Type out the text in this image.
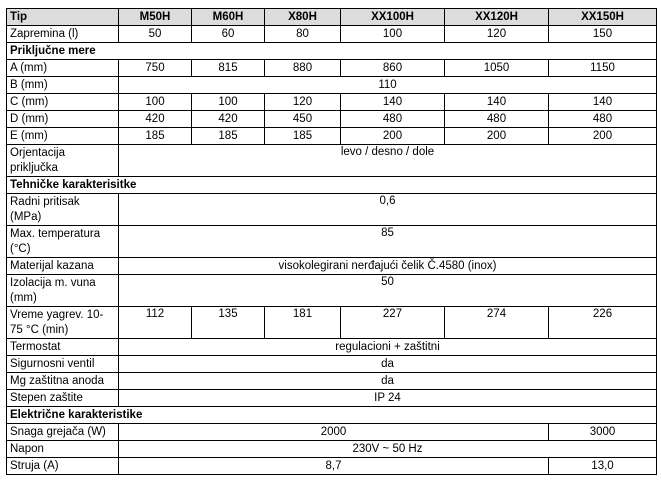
Tip	M50H	M60H	X80H	XX100H	XX120H	XX150H
Zapremina (l)	50	60	80	100	120	150
Priključne mere						
A (mm)	750	815	880	860	1050	1150
B (mm)	110					
C (mm)	100	100	120	140	140	140
D (mm)	420	420	450	480	480	480
E (mm)	185	185	185	200	200	200
Orjentacija
priključka	levo / desno / dole					
Tehničke karakterisitke						
Radni pritisak
(MPa)	0,6					
Max. temperatura
(°C)	85					
Materijal kazana	visokolegirani nerđajući čelik Č.4580 (inox)					
Izolacija m. vuna
(mm)	50					
Vreme yagrev. 10-
75 °C (min)	112	135	181	227	274	226
Termostat	regulacioni + zaštitni					
Sigurnosni ventil	da					
Mg zaštitna anoda	da					
Stepen zaštite	IP 24					
Električne karakteristike						
Snaga grejača (W)	2000					3000
Napon	230V ~ 50 Hz					
Struja (A)	8,7					13,0
